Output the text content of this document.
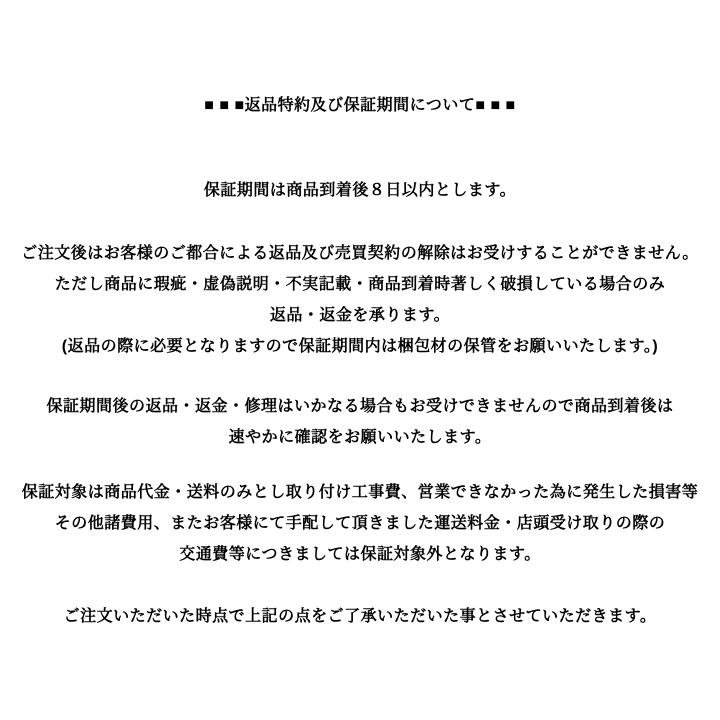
■ ■ ■返品特約及び保証期間について■ ■ ■
保証期間は商品到着後８日以内とします。
ご注文後はお客様のご都合による返品及び売買契約の解除はお受けすることができません。
ただし商品に瑕疵・虚偽説明・不実記載・商品到着時著しく破損している場合のみ
返品・返金を承ります。
(返品の際に必要となりますので保証期間内は梱包材の保管をお願いいたします。)
保証期間後の返品・返金・修理はいかなる場合もお受けできませんので商品到着後は
速やかに確認をお願いいたします。
保証対象は商品代金・送料のみとし取り付け工事費、営業できなかった為に発生した損害等
その他諸費用、またお客様にて手配して頂きました運送料金・店頭受け取りの際の
交通費等につきましては保証対象外となります。
ご注文いただいた時点で上記の点をご了承いただいた事とさせていただきます。
